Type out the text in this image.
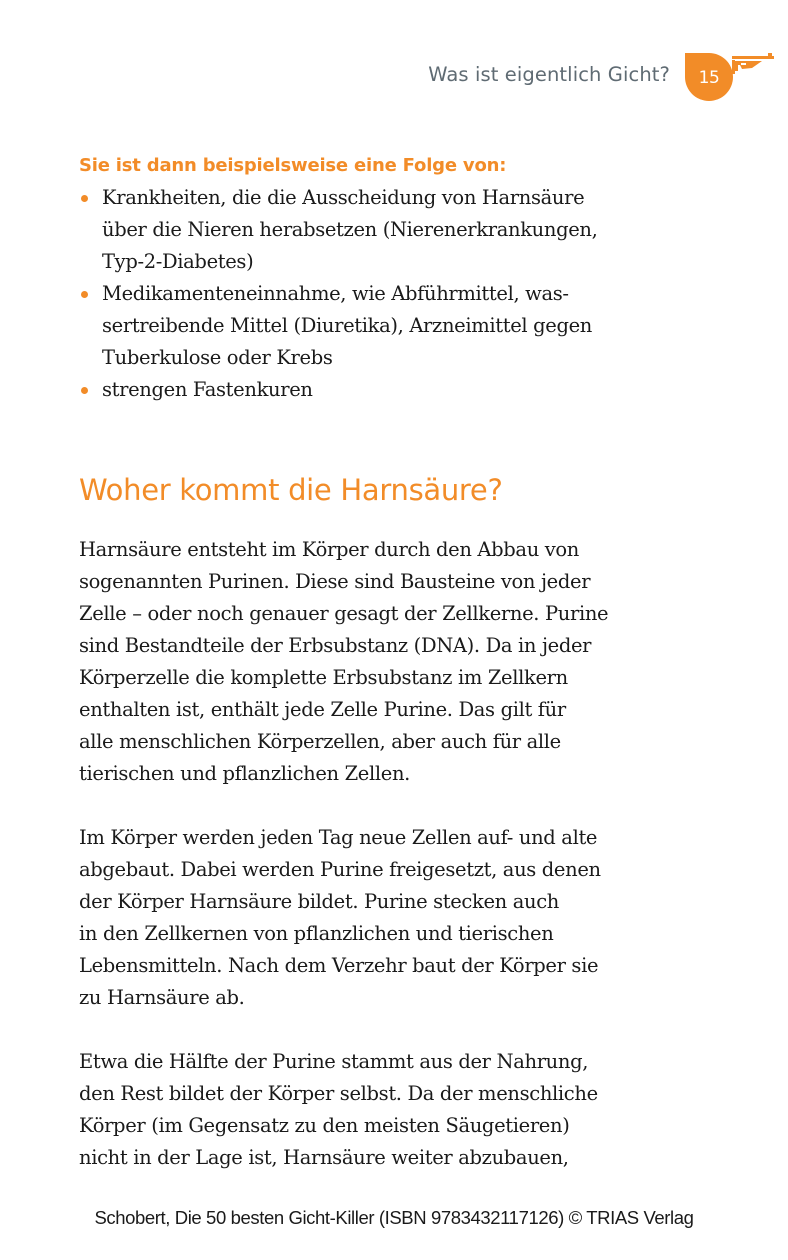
Was ist eigentlich Gicht?	15

Sie ist dann beispielsweise eine Folge von:

Krankheiten, die die Ausscheidung von Harnsäure
über die Nieren herabsetzen (Nierenerkrankungen,
Typ-2-Diabetes)
Medikamenteneinnahme, wie Abführmittel, was-
sertreibende Mittel (Diuretika), Arzneimittel gegen
Tuberkulose oder Krebs
strengen Fastenkuren
Woher kommt die Harnsäure?

Harnsäure entsteht im Körper durch den Abbau von
sogenannten Purinen. Diese sind Bausteine von jeder
Zelle – oder noch genauer gesagt der Zellkerne. Purine
sind Bestandteile der Erbsubstanz (DNA). Da in jeder
Körperzelle die komplette Erbsubstanz im Zellkern
enthalten ist, enthält jede Zelle Purine. Das gilt für
alle menschlichen Körperzellen, aber auch für alle
tierischen und pflanzlichen Zellen.

Im Körper werden jeden Tag neue Zellen auf- und alte
abgebaut. Dabei werden Purine freigesetzt, aus denen
der Körper Harnsäure bildet. Purine stecken auch
in den Zellkernen von pflanzlichen und tierischen
Lebensmitteln. Nach dem Verzehr baut der Körper sie
zu Harnsäure ab.

Etwa die Hälfte der Purine stammt aus der Nahrung,
den Rest bildet der Körper selbst. Da der menschliche
Körper (im Gegensatz zu den meisten Säugetieren)
nicht in der Lage ist, Harnsäure weiter abzubauen,

Schobert, Die 50 besten Gicht-Killer (ISBN 9783432117126) © TRIAS Verlag
